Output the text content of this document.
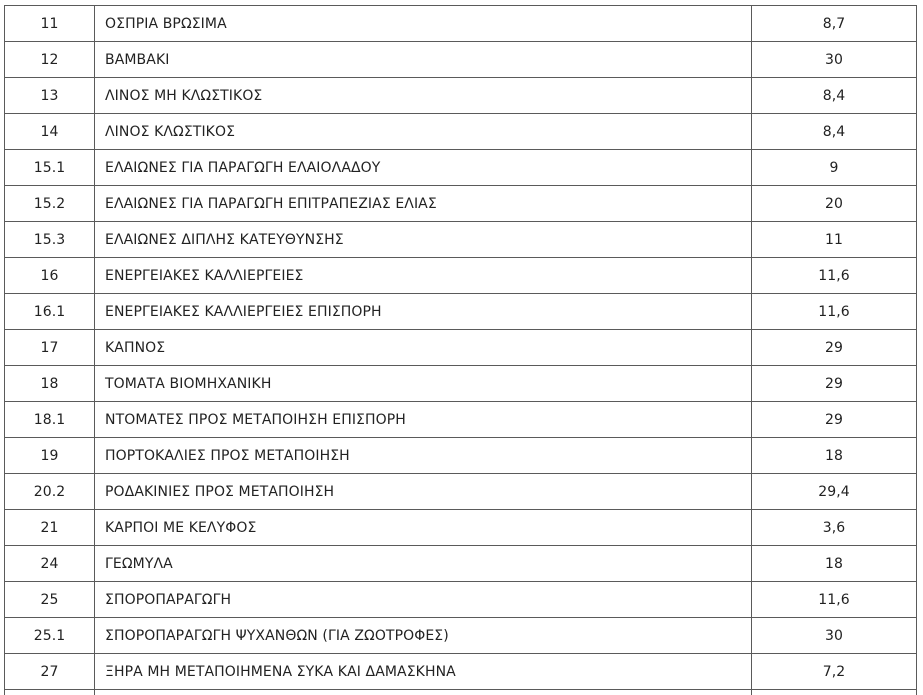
11	ΟΣΠΡΙΑ ΒΡΩΣΙΜΑ	8,7
12	ΒΑΜΒΑΚΙ	30
13	ΛΙΝΟΣ ΜΗ ΚΛΩΣΤΙΚΟΣ	8,4
14	ΛΙΝΟΣ ΚΛΩΣΤΙΚΟΣ	8,4
15.1	ΕΛΑΙΩΝΕΣ ΓΙΑ ΠΑΡΑΓΩΓΗ ΕΛΑΙΟΛΑΔΟΥ	9
15.2	ΕΛΑΙΩΝΕΣ ΓΙΑ ΠΑΡΑΓΩΓΗ ΕΠΙΤΡΑΠΕΖΙΑΣ ΕΛΙΑΣ	20
15.3	ΕΛΑΙΩΝΕΣ ΔΙΠΛΗΣ ΚΑΤΕΥΘΥΝΣΗΣ	11
16	ΕΝΕΡΓΕΙΑΚΕΣ ΚΑΛΛΙΕΡΓΕΙΕΣ	11,6
16.1	ΕΝΕΡΓΕΙΑΚΕΣ ΚΑΛΛΙΕΡΓΕΙΕΣ ΕΠΙΣΠΟΡΗ	11,6
17	ΚΑΠΝΟΣ	29
18	ΤΟΜΑΤΑ ΒΙΟΜΗΧΑΝΙΚΗ	29
18.1	ΝΤΟΜΑΤΕΣ ΠΡΟΣ ΜΕΤΑΠΟΙΗΣΗ ΕΠΙΣΠΟΡΗ	29
19	ΠΟΡΤΟΚΑΛΙΕΣ ΠΡΟΣ ΜΕΤΑΠΟΙΗΣΗ	18
20.2	ΡΟΔΑΚΙΝΙΕΣ ΠΡΟΣ ΜΕΤΑΠΟΙΗΣΗ	29,4
21	ΚΑΡΠΟΙ ΜΕ ΚΕΛΥΦΟΣ	3,6
24	ΓΕΩΜΥΛΑ	18
25	ΣΠΟΡΟΠΑΡΑΓΩΓΗ	11,6
25.1	ΣΠΟΡΟΠΑΡΑΓΩΓΗ ΨΥΧΑΝΘΩΝ (ΓΙΑ ΖΩΟΤΡΟΦΕΣ)	30
27	ΞΗΡΑ ΜΗ ΜΕΤΑΠΟΙΗΜΕΝΑ ΣΥΚΑ ΚΑΙ ΔΑΜΑΣΚΗΝΑ	7,2
